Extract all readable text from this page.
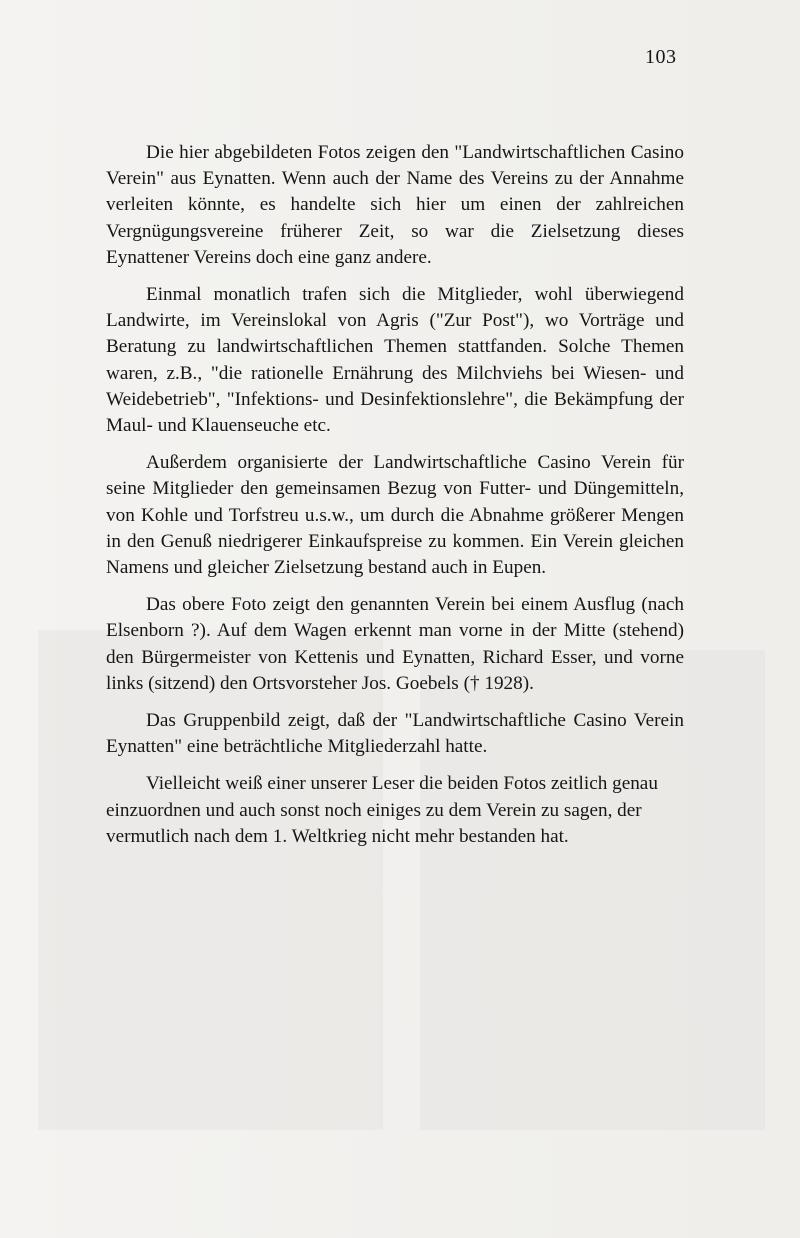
103

Die hier abgebildeten Fotos zeigen den "Landwirtschaftlichen Casino Verein" aus Eynatten. Wenn auch der Name des Vereins zu der Annahme verleiten könnte, es handelte sich hier um einen der zahlreichen Vergnügungsvereine früherer Zeit, so war die Zielsetzung dieses Eynattener Vereins doch eine ganz andere.

Einmal monatlich trafen sich die Mitglieder, wohl überwiegend Landwirte, im Vereinslokal von Agris ("Zur Post"), wo Vorträge und Beratung zu landwirtschaftlichen Themen stattfanden. Solche Themen waren, z.B., "die rationelle Ernährung des Milchviehs bei Wiesen- und Weidebetrieb", "Infektions- und Desinfektionslehre", die Bekämpfung der Maul- und Klauenseuche etc.

Außerdem organisierte der Landwirtschaftliche Casino Verein für seine Mitglieder den gemeinsamen Bezug von Futter- und Düngemitteln, von Kohle und Torfstreu u.s.w., um durch die Abnahme größerer Mengen in den Genuß niedrigerer Einkaufspreise zu kommen. Ein Verein gleichen Namens und gleicher Zielsetzung bestand auch in Eupen.

Das obere Foto zeigt den genannten Verein bei einem Ausflug (nach Elsenborn ?). Auf dem Wagen erkennt man vorne in der Mitte (stehend) den Bürgermeister von Kettenis und Eynatten, Richard Esser, und vorne links (sitzend) den Ortsvorsteher Jos. Goebels († 1928).

Das Gruppenbild zeigt, daß der "Landwirtschaftliche Casino Verein Eynatten" eine beträchtliche Mitgliederzahl hatte.

Vielleicht weiß einer unserer Leser die beiden Fotos zeitlich genau einzuordnen und auch sonst noch einiges zu dem Verein zu sagen, der vermutlich nach dem 1. Weltkrieg nicht mehr bestanden hat.
